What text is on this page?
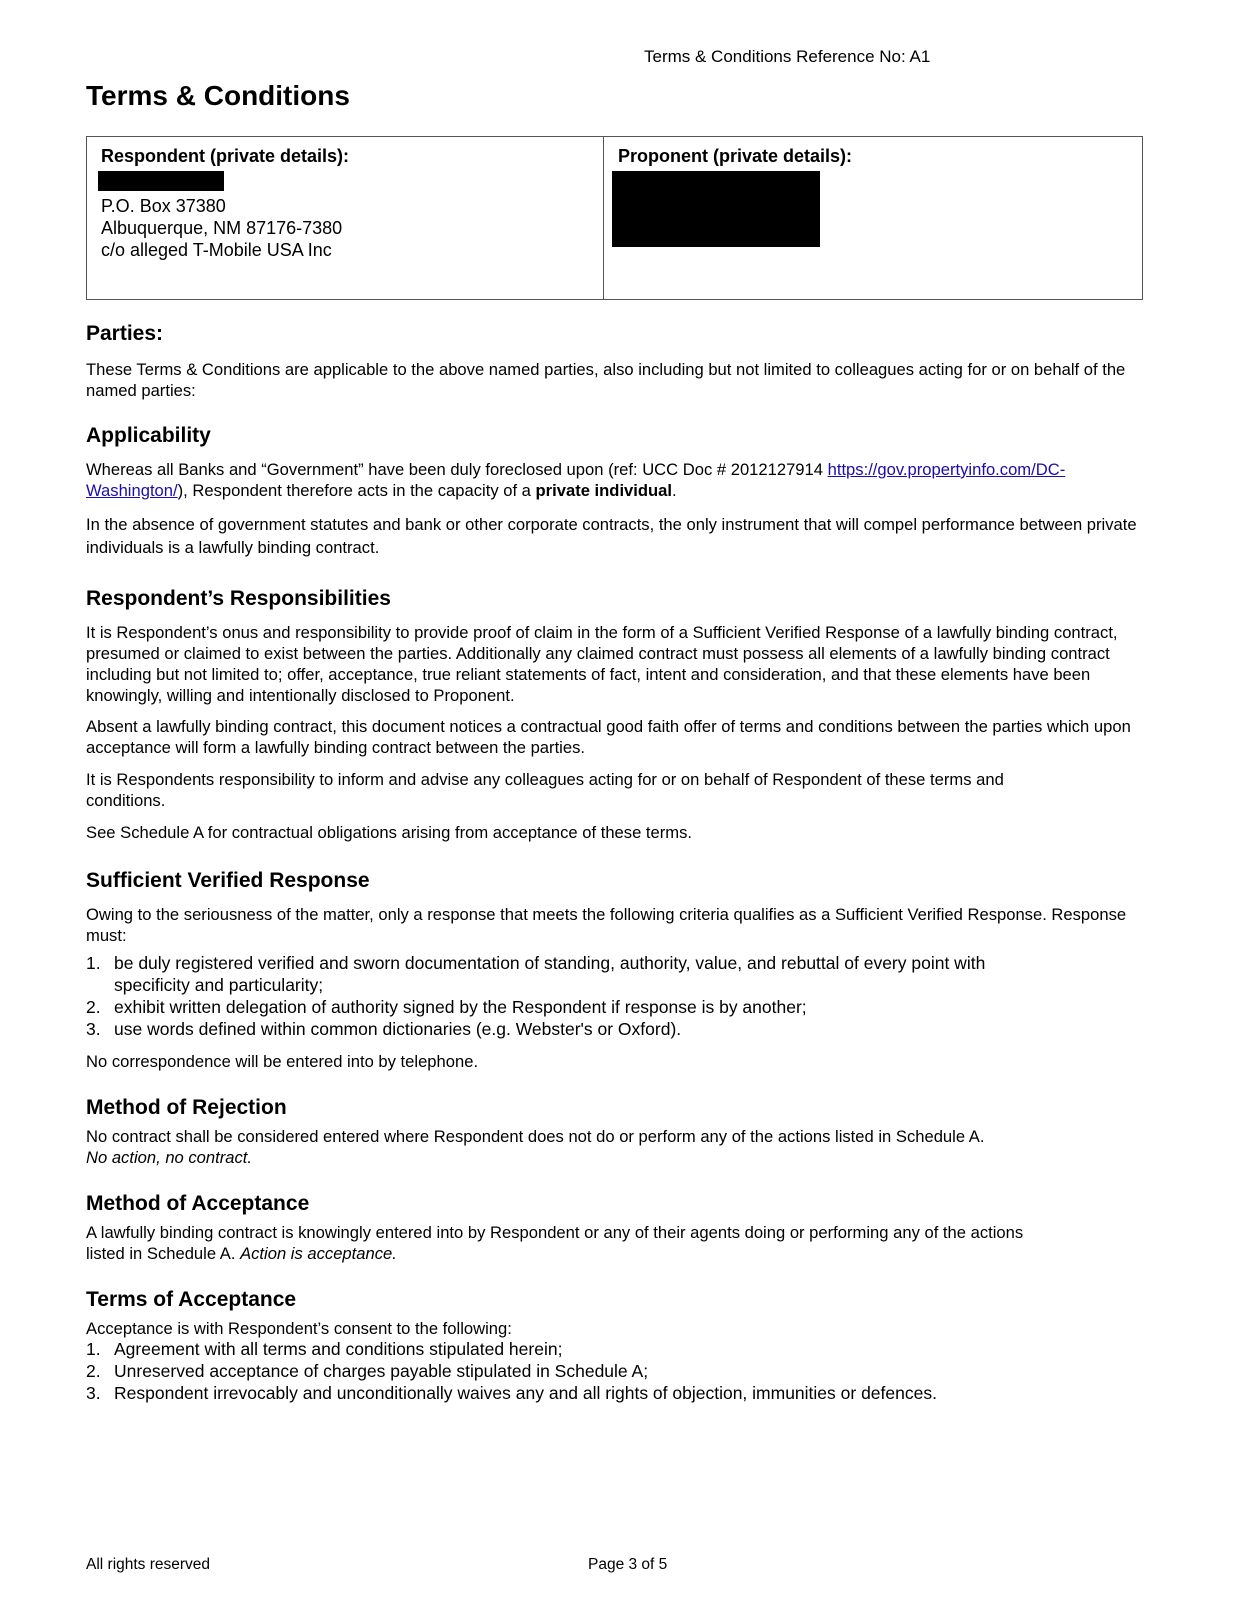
Terms & Conditions Reference No: A1
Terms & Conditions
Respondent (private details):
P.O. Box 37380
Albuquerque, NM 87176-7380
c/o alleged T-Mobile USA Inc
Proponent (private details):
Parties:

These Terms & Conditions are applicable to the above named parties, also including but not limited to colleagues acting for or on behalf of the named parties:

Applicability

Whereas all Banks and “Government” have been duly foreclosed upon (ref: UCC Doc # 2012127914 https://gov.propertyinfo.com/DC-Washington/), Respondent therefore acts in the capacity of a private individual.

In the absence of government statutes and bank or other corporate contracts, the only instrument that will compel performance between private individuals is a lawfully binding contract.

Respondent’s Responsibilities

It is Respondent’s onus and responsibility to provide proof of claim in the form of a Sufficient Verified Response of a lawfully binding contract, presumed or claimed to exist between the parties. Additionally any claimed contract must possess all elements of a lawfully binding contract including but not limited to; offer, acceptance, true reliant statements of fact, intent and consideration, and that these elements have been knowingly, willing and intentionally disclosed to Proponent.

Absent a lawfully binding contract, this document notices a contractual good faith offer of terms and conditions between the parties which upon acceptance will form a lawfully binding contract between the parties.

It is Respondents responsibility to inform and advise any colleagues acting for or on behalf of Respondent of these terms and conditions.

See Schedule A for contractual obligations arising from acceptance of these terms.

Sufficient Verified Response

Owing to the seriousness of the matter, only a response that meets the following criteria qualifies as a Sufficient Verified Response. Response must:

1. be duly registered verified and sworn documentation of standing, authority, value, and rebuttal of every point with specificity and particularity;
2. exhibit written delegation of authority signed by the Respondent if response is by another;
3. use words defined within common dictionaries (e.g. Webster's or Oxford).

No correspondence will be entered into by telephone.

Method of Rejection

No contract shall be considered entered where Respondent does not do or perform any of the actions listed in Schedule A.
No action, no contract.

Method of Acceptance

A lawfully binding contract is knowingly entered into by Respondent or any of their agents doing or performing any of the actions listed in Schedule A. Action is acceptance.

Terms of Acceptance

Acceptance is with Respondent’s consent to the following:

1. Agreement with all terms and conditions stipulated herein;
2. Unreserved acceptance of charges payable stipulated in Schedule A;
3. Respondent irrevocably and unconditionally waives any and all rights of objection, immunities or defences.
All rights reserved	Page 3 of 5
